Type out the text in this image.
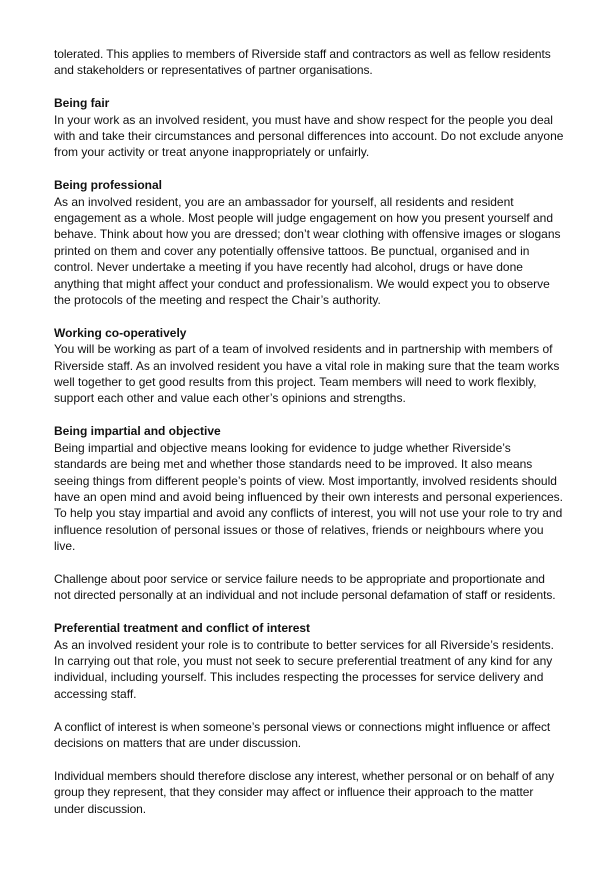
tolerated. This applies to members of Riverside staff and contractors as well as fellow residents and stakeholders or representatives of partner organisations.

Being fair
In your work as an involved resident, you must have and show respect for the people you deal with and take their circumstances and personal differences into account. Do not exclude anyone from your activity or treat anyone inappropriately or unfairly.
Being professional
As an involved resident, you are an ambassador for yourself, all residents and resident engagement as a whole. Most people will judge engagement on how you present yourself and behave. Think about how you are dressed; don’t wear clothing with offensive images or slogans printed on them and cover any potentially offensive tattoos. Be punctual, organised and in control. Never undertake a meeting if you have recently had alcohol, drugs or have done anything that might affect your conduct and professionalism. We would expect you to observe the protocols of the meeting and respect the Chair’s authority.
Working co-operatively
You will be working as part of a team of involved residents and in partnership with members of Riverside staff. As an involved resident you have a vital role in making sure that the team works well together to get good results from this project. Team members will need to work flexibly, support each other and value each other’s opinions and strengths.
Being impartial and objective
Being impartial and objective means looking for evidence to judge whether Riverside’s standards are being met and whether those standards need to be improved. It also means seeing things from different people’s points of view. Most importantly, involved residents should have an open mind and avoid being influenced by their own interests and personal experiences. To help you stay impartial and avoid any conflicts of interest, you will not use your role to try and influence resolution of personal issues or those of relatives, friends or neighbours where you live.

Challenge about poor service or service failure needs to be appropriate and proportionate and not directed personally at an individual and not include personal defamation of staff or residents.

Preferential treatment and conflict of interest
As an involved resident your role is to contribute to better services for all Riverside’s residents. In carrying out that role, you must not seek to secure preferential treatment of any kind for any individual, including yourself. This includes respecting the processes for service delivery and accessing staff.

A conflict of interest is when someone’s personal views or connections might influence or affect decisions on matters that are under discussion.

Individual members should therefore disclose any interest, whether personal or on behalf of any group they represent, that they consider may affect or influence their approach to the matter under discussion.
